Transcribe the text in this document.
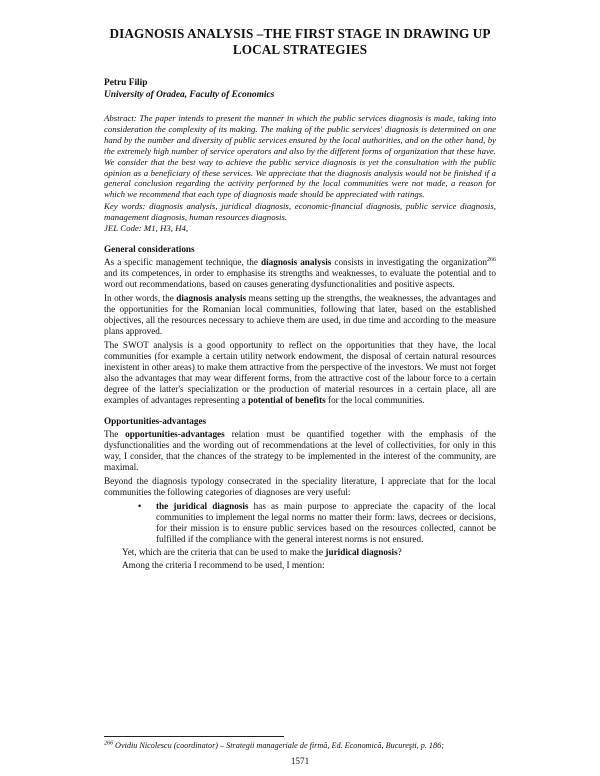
DIAGNOSIS ANALYSIS –THE FIRST STAGE IN DRAWING UP LOCAL STRATEGIES
Petru Filip
University of Oradea, Faculty of Economics

Abstract: The paper intends to present the manner in which the public services diagnosis is made, taking into consideration the complexity of its making. The making of the public services' diagnosis is determined on one hand by the number and diversity of public services ensured by the local authorities, and on the other hand, by the extremely high number of service operators and also by the different forms of organization that these have. We consider that the best way to achieve the public service diagnosis is yet the consultation with the public opinion as a beneficiary of these services. We appreciate that the diagnosis analysis would not be finished if a general conclusion regarding the activity performed by the local communities were not made, a reason for which we recommend that each type of diagnosis made should be appreciated with ratings.

Key words: diagnosis analysis, juridical diagnosis, economic-financial diagnosis, public service diagnosis, management diagnosis, human resources diagnosis.

JEL Code: M1, H3, H4,

General considerations

As a specific management technique, the diagnosis analysis consists in investigating the organization$^{266}$ and its competences, in order to emphasise its strengths and weaknesses, to evaluate the potential and to word out recommendations, based on causes generating dysfunctionalities and positive aspects.

In other words, the diagnosis analysis means setting up the strengths, the weaknesses, the advantages and the opportunities for the Romanian local communities, following that later, based on the established objectives, all the resources necessary to achieve them are used, in due time and according to the measure plans approved.

The SWOT analysis is a good opportunity to reflect on the opportunities that they have, the local communities (for example a certain utility network endowment, the disposal of certain natural resources inexistent in other areas) to make them attractive from the perspective of the investors. We must not forget also the advantages that may wear different forms, from the attractive cost of the labour force to a certain degree of the latter's specialization or the production of material resources in a certain place, all are examples of advantages representing a potential of benefits for the local communities.

Opportunities-advantages

The opportunities-advantages relation must be quantified together with the emphasis of the dysfunctionalities and the wording out of recommendations at the level of collectivities, for only in this way, I consider, that the chances of the strategy to be implemented in the interest of the community, are maximal.

Beyond the diagnosis typology consecrated in the speciality literature, I appreciate that for the local communities the following categories of diagnoses are very useful:

•	the juridical diagnosis has as main purpose to appreciate the capacity of the local communities to implement the legal norms no matter their form: laws, decrees or decisions, for their mission is to ensure public services based on the resources collected, cannot be fulfilled if the compliance with the general interest norms is not ensured.

Yet, which are the criteria that can be used to make the juridical diagnosis?

Among the criteria I recommend to be used, I mention:

$^{266}$ Ovidiu Nicolescu (coordinator) – Strategii manageriale de firmă, Ed. Economică, Bucureşti, p. 186;
1571
